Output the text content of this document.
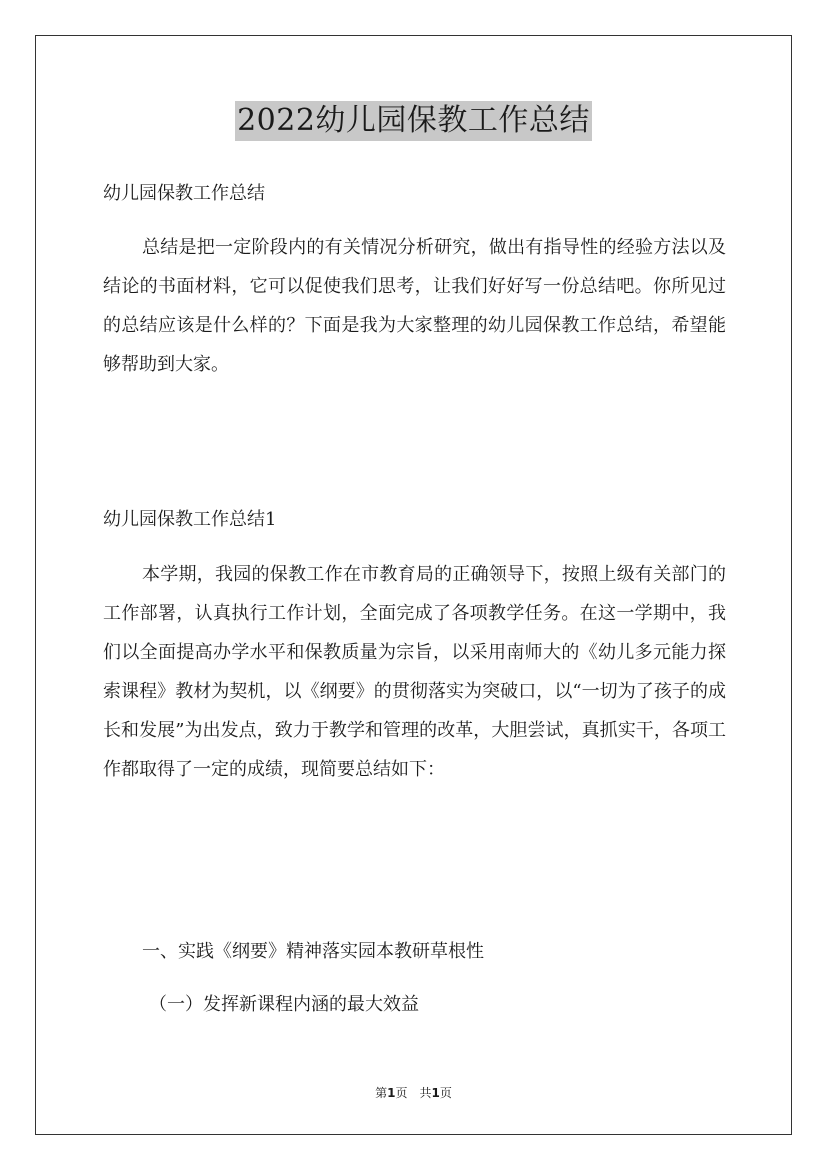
2022幼儿园保教工作总结

幼儿园保教工作总结

总结是把一定阶段内的有关情况分析研究，做出有指导性的经验方法以及结论的书面材料，它可以促使我们思考，让我们好好写一份总结吧。你所见过的总结应该是什么样的？下面是我为大家整理的幼儿园保教工作总结，希望能够帮助到大家。

幼儿园保教工作总结1

本学期，我园的保教工作在市教育局的正确领导下，按照上级有关部门的工作部署，认真执行工作计划，全面完成了各项教学任务。在这一学期中，我们以全面提高办学水平和保教质量为宗旨，以采用南师大的《幼儿多元能力探索课程》教材为契机，以《纲要》的贯彻落实为突破口，以“一切为了孩子的成长和发展”为出发点，致力于教学和管理的改革，大胆尝试，真抓实干，各项工作都取得了一定的成绩，现简要总结如下：

一、实践《纲要》精神落实园本教研草根性

（一）发挥新课程内涵的最大效益

第1页　共1页
